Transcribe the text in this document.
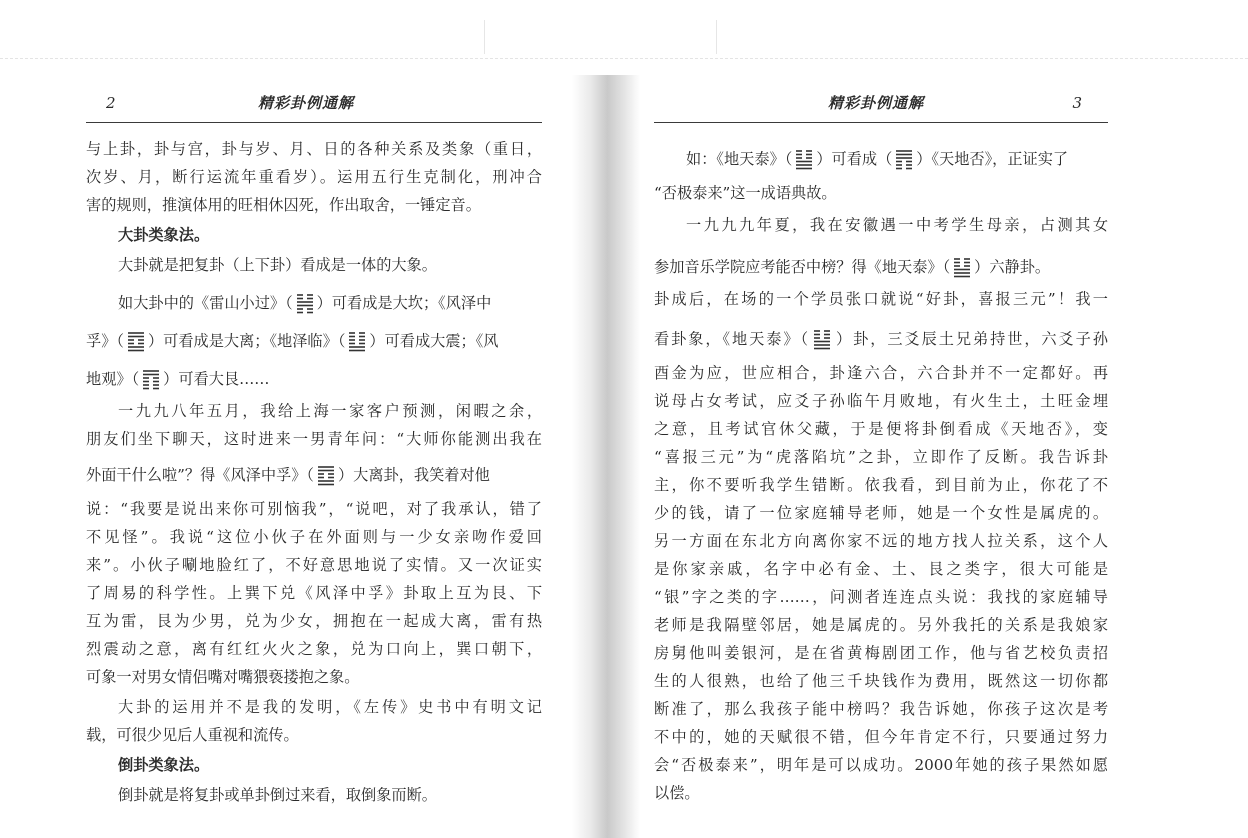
2	精彩卦例通解
与上卦，卦与宫，卦与岁、月、日的各种关系及类象（重日，
次岁、月，断行运流年重看岁）。运用五行生克制化，刑冲合
害的规则，推演体用的旺相休囚死，作出取舍，一锤定音。
大卦类象法。
大卦就是把复卦（上下卦）看成是一体的大象。
如大卦中的《雷山小过》（ ）可看成是大坎；《风泽中
孚》（ ）可看成是大离；《地泽临》（ ）可看成大震；《风
地观》（ ）可看大艮……
一九九八年五月，我给上海一家客户预测，闲暇之余，
朋友们坐下聊天，这时进来一男青年问：“大师你能测出我在
外面干什么啦”？得《风泽中孚》（ ）大离卦，我笑着对他
说：“我要是说出来你可别恼我”，“说吧，对了我承认，错了
不见怪”。我说“这位小伙子在外面则与一少女亲吻作爱回
来”。小伙子唰地脸红了，不好意思地说了实情。又一次证实
了周易的科学性。上巽下兑《风泽中孚》卦取上互为艮、下
互为雷，艮为少男，兑为少女，拥抱在一起成大离，雷有热
烈震动之意，离有红红火火之象，兑为口向上，巽口朝下，
可象一对男女情侣嘴对嘴猥亵搂抱之象。
大卦的运用并不是我的发明，《左传》史书中有明文记
载，可很少见后人重视和流传。
倒卦类象法。
倒卦就是将复卦或单卦倒过来看，取倒象而断。
精彩卦例通解	3
如：《地天泰》（ ）可看成（ ）《天地否》，正证实了
“否极泰来”这一成语典故。
一九九九年夏，我在安徽遇一中考学生母亲，占测其女
参加音乐学院应考能否中榜？得《地天泰》（ ）六静卦。
卦成后，在场的一个学员张口就说“好卦，喜报三元”！我一
看卦象，《地天泰》（ ）卦，三爻辰土兄弟持世，六爻子孙
酉金为应，世应相合，卦逢六合，六合卦并不一定都好。再
说母占女考试，应爻子孙临午月败地，有火生土，土旺金埋
之意，且考试官休父藏，于是便将卦倒看成《天地否》，变
“喜报三元”为“虎落陷坑”之卦，立即作了反断。我告诉卦
主，你不要听我学生错断。依我看，到目前为止，你花了不
少的钱，请了一位家庭辅导老师，她是一个女性是属虎的。
另一方面在东北方向离你家不远的地方找人拉关系，这个人
是你家亲戚，名字中必有金、土、艮之类字，很大可能是
“银”字之类的字……，问测者连连点头说：我找的家庭辅导
老师是我隔壁邻居，她是属虎的。另外我托的关系是我娘家
房舅他叫姜银河，是在省黄梅剧团工作，他与省艺校负责招
生的人很熟，也给了他三千块钱作为费用，既然这一切你都
断准了，那么我孩子能中榜吗？我告诉她，你孩子这次是考
不中的，她的天赋很不错，但今年肯定不行，只要通过努力
会“否极泰来”，明年是可以成功。2000年她的孩子果然如愿
以偿。
